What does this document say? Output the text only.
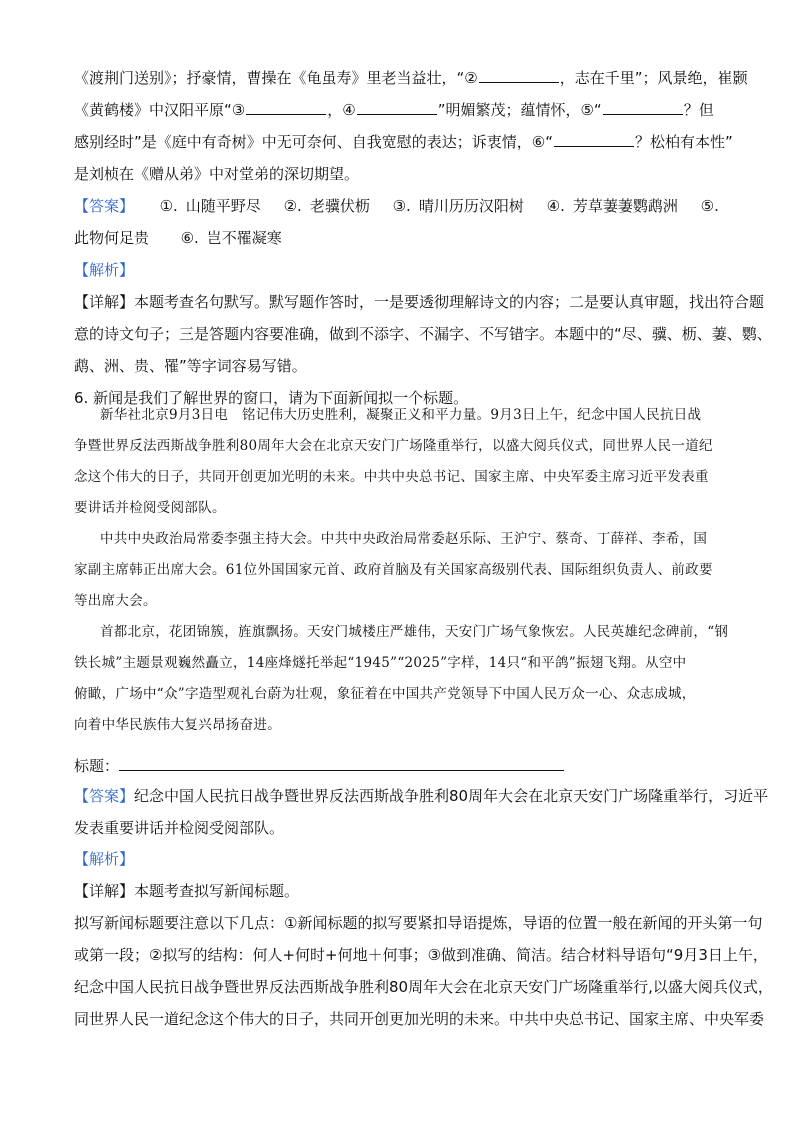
《渡荆门送别》；抒豪情，曹操在《龟虽寿》里老当益壮，“②	，志在千里”；风景绝，崔颢
《黄鹤楼》中汉阳平原“③	，④	”明媚繁茂；蕴情怀，⑤“	？但
感别经时”是《庭中有奇树》中无可奈何、自我宽慰的表达；诉衷情，⑥“	？松柏有本性”
是刘桢在《赠从弟》中对堂弟的深切期望。
【答案】 ①. 山随平野尽 ②. 老骥伏枥 ③. 晴川历历汉阳树 ④. 芳草萋萋鹦鹉洲 ⑤.
此物何足贵 ⑥. 岂不罹凝寒
【解析】
【详解】本题考查名句默写。默写题作答时，一是要透彻理解诗文的内容；二是要认真审题，找出符合题
意的诗文句子；三是答题内容要准确，做到不添字、不漏字、不写错字。本题中的“尽、骥、枥、萋、鹦、
鹉、洲、贵、罹”等字词容易写错。
6. 新闻是我们了解世界的窗口，请为下面新闻拟一个标题。
新华社北京9月3日电　铭记伟大历史胜利，凝聚正义和平力量。9月3日上午，纪念中国人民抗日战
争暨世界反法西斯战争胜利80周年大会在北京天安门广场隆重举行，以盛大阅兵仪式，同世界人民一道纪
念这个伟大的日子，共同开创更加光明的未来。中共中央总书记、国家主席、中央军委主席习近平发表重
要讲话并检阅受阅部队。
中共中央政治局常委李强主持大会。中共中央政治局常委赵乐际、王沪宁、蔡奇、丁薛祥、李希，国
家副主席韩正出席大会。61位外国国家元首、政府首脑及有关国家高级别代表、国际组织负责人、前政要
等出席大会。
首都北京，花团锦簇，旌旗飘扬。天安门城楼庄严雄伟，天安门广场气象恢宏。人民英雄纪念碑前，“钢
铁长城”主题景观巍然矗立，14座烽燧托举起“1945”“2025”字样，14只“和平鸽”振翅飞翔。从空中
俯瞰，广场中“众”字造型观礼台蔚为壮观，象征着在中国共产党领导下中国人民万众一心、众志成城，
向着中华民族伟大复兴昂扬奋进。
标题：
【答案】纪念中国人民抗日战争暨世界反法西斯战争胜利80周年大会在北京天安门广场隆重举行，习近平
发表重要讲话并检阅受阅部队。
【解析】
【详解】本题考查拟写新闻标题。
拟写新闻标题要注意以下几点：①新闻标题的拟写要紧扣导语提炼，导语的位置一般在新闻的开头第一句
或第一段；②拟写的结构：何人+何时+何地＋何事；③做到准确、简洁。结合材料导语句“9月3日上午，
纪念中国人民抗日战争暨世界反法西斯战争胜利80周年大会在北京天安门广场隆重举行,以盛大阅兵仪式，
同世界人民一道纪念这个伟大的日子，共同开创更加光明的未来。中共中央总书记、国家主席、中央军委
